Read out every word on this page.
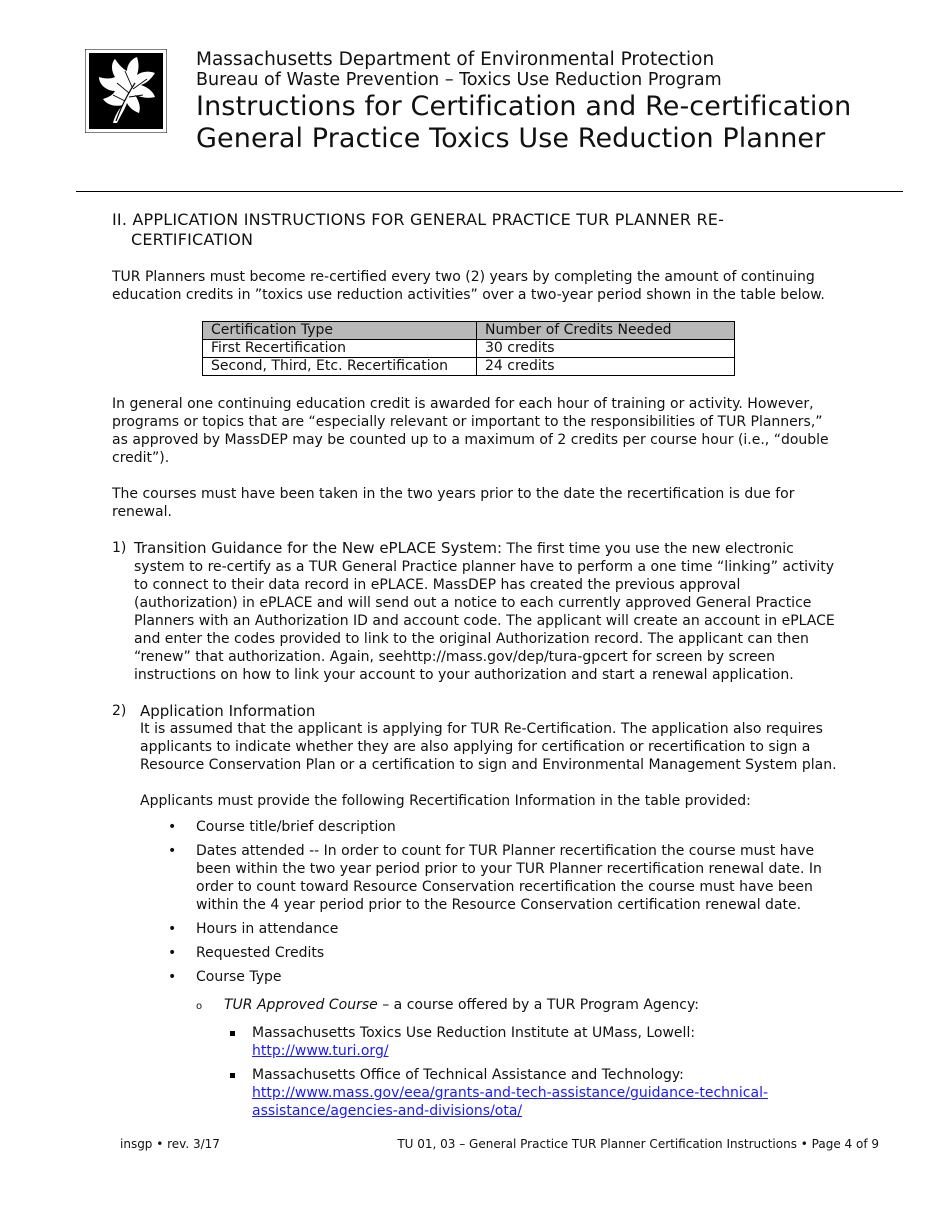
Massachusetts Department of Environmental Protection
Bureau of Waste Prevention – Toxics Use Reduction Program
Instructions for Certification and Re-certification
General Practice Toxics Use Reduction Planner
II. APPLICATION INSTRUCTIONS FOR GENERAL PRACTICE TUR PLANNER RE-CERTIFICATION

TUR Planners must become re-certified every two (2) years by completing the amount of continuing education credits in ”toxics use reduction activities” over a two-year period shown in the table below.

Certification Type	Number of Credits Needed
First Recertification	30 credits
Second, Third, Etc. Recertification	24 credits

In general one continuing education credit is awarded for each hour of training or activity. However, programs or topics that are “especially relevant or important to the responsibilities of TUR Planners,” as approved by MassDEP may be counted up to a maximum of 2 credits per course hour (i.e., “double credit”).

The courses must have been taken in the two years prior to the date the recertification is due for renewal.

1) Transition Guidance for the New ePLACE System: The first time you use the new electronic system to re-certify as a TUR General Practice planner have to perform a one time “linking” activity to connect to their data record in ePLACE. MassDEP has created the previous approval (authorization) in ePLACE and will send out a notice to each currently approved General Practice Planners with an Authorization ID and account code. The applicant will create an account in ePLACE and enter the codes provided to link to the original Authorization record. The applicant can then “renew” that authorization. Again, seehttp://mass.gov/dep/tura-gpcert for screen by screen instructions on how to link your account to your authorization and start a renewal application.
2) Application Information

It is assumed that the applicant is applying for TUR Re-Certification. The application also requires applicants to indicate whether they are also applying for certification or recertification to sign a Resource Conservation Plan or a certification to sign and Environmental Management System plan.

Applicants must provide the following Recertification Information in the table provided:

• Course title/brief description
• Dates attended -- In order to count for TUR Planner recertification the course must have been within the two year period prior to your TUR Planner recertification renewal date. In order to count toward Resource Conservation recertification the course must have been within the 4 year period prior to the Resource Conservation certification renewal date.
• Hours in attendance
• Requested Credits
• Course Type
o TUR Approved Course – a course offered by a TUR Program Agency:
Massachusetts Toxics Use Reduction Institute at UMass, Lowell:
http://www.turi.org/
Massachusetts Office of Technical Assistance and Technology:
http://www.mass.gov/eea/grants-and-tech-assistance/guidance-technical-assistance/agencies-and-divisions/ota/
insgp • rev. 3/17	TU 01, 03 – General Practice TUR Planner Certification Instructions • Page 4 of 9
